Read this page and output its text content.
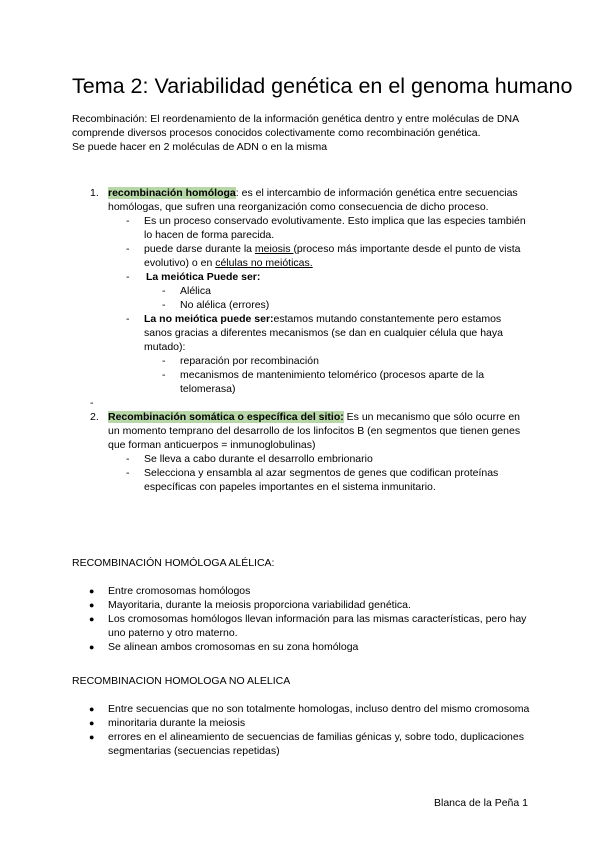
Tema 2: Variabilidad genética en el genoma humano
Recombinación: El reordenamiento de la información genética dentro y entre moléculas de DNA comprende diversos procesos conocidos colectivamente como recombinación genética.
Se puede hacer en 2 moléculas de ADN o en la misma
1. recombinación homóloga: es el intercambio de información genética entre secuencias homólogas, que sufren una reorganización como consecuencia de dicho proceso.
- Es un proceso conservado evolutivamente. Esto implica que las especies también lo hacen de forma parecida.
- puede darse durante la meiosis (proceso más importante desde el punto de vista evolutivo) o en células no meióticas.
- La meiótica Puede ser:
- Alélica
- No alélica (errores)
- La no meiótica puede ser:estamos mutando constantemente pero estamos sanos gracias a diferentes mecanismos (se dan en cualquier célula que haya mutado):
- reparación por recombinación
- mecanismos de mantenimiento telomérico (procesos aparte de la telomerasa)
-
2. Recombinación somática o específica del sitio: Es un mecanismo que sólo ocurre en un momento temprano del desarrollo de los linfocitos B (en segmentos que tienen genes que forman anticuerpos = inmunoglobulinas)
- Se lleva a cabo durante el desarrollo embrionario
- Selecciona y ensambla al azar segmentos de genes que codifican proteínas específicas con papeles importantes en el sistema inmunitario.
RECOMBINACIÓN HOMÓLOGA ALÉLICA:
● Entre cromosomas homólogos
● Mayoritaria, durante la meiosis proporciona variabilidad genética.
● Los cromosomas homólogos llevan información para las mismas características, pero hay uno paterno y otro materno.
● Se alinean ambos cromosomas en su zona homóloga
RECOMBINACION HOMOLOGA NO ALELICA
● Entre secuencias que no son totalmente homologas, incluso dentro del mismo cromosoma
● minoritaria durante la meiosis
● errores en el alineamiento de secuencias de familias génicas y, sobre todo, duplicaciones segmentarias (secuencias repetidas)
Blanca de la Peña 1
